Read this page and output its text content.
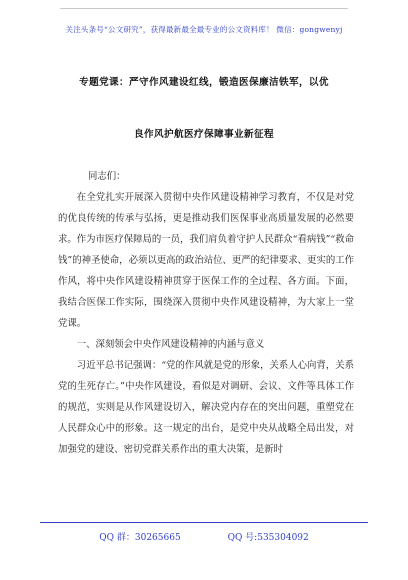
关注头条号“公文研究”，获得最新最全最专业的公文资料库！ 微信：gongwenyj
专题党课：严守作风建设红线，锻造医保廉洁铁军，以优
良作风护航医疗保障事业新征程

同志们：

在全党扎实开展深入贯彻中央作风建设精神学习教育，不仅是对党的优良传统的传承与弘扬，更是推动我们医保事业高质量发展的必然要求。作为市医疗保障局的一员，我们肩负着守护人民群众“看病钱”“救命钱”的神圣使命，必须以更高的政治站位、更严的纪律要求、更实的工作作风，将中央作风建设精神贯穿于医保工作的全过程、各方面。下面，我结合医保工作实际，围绕深入贯彻中央作风建设精神，为大家上一堂党课。

一、深刻领会中央作风建设精神的内涵与意义

习近平总书记强调：“党的作风就是党的形象，关系人心向背，关系党的生死存亡。”中央作风建设，看似是对调研、会议、文件等具体工作的规范，实则是从作风建设切入，解决党内存在的突出问题，重塑党在人民群众心中的形象。这一规定的出台，是党中央从战略全局出发，对加强党的建设、密切党群关系作出的重大决策，是新时

QQ 群：30265665	QQ 号:535304092
